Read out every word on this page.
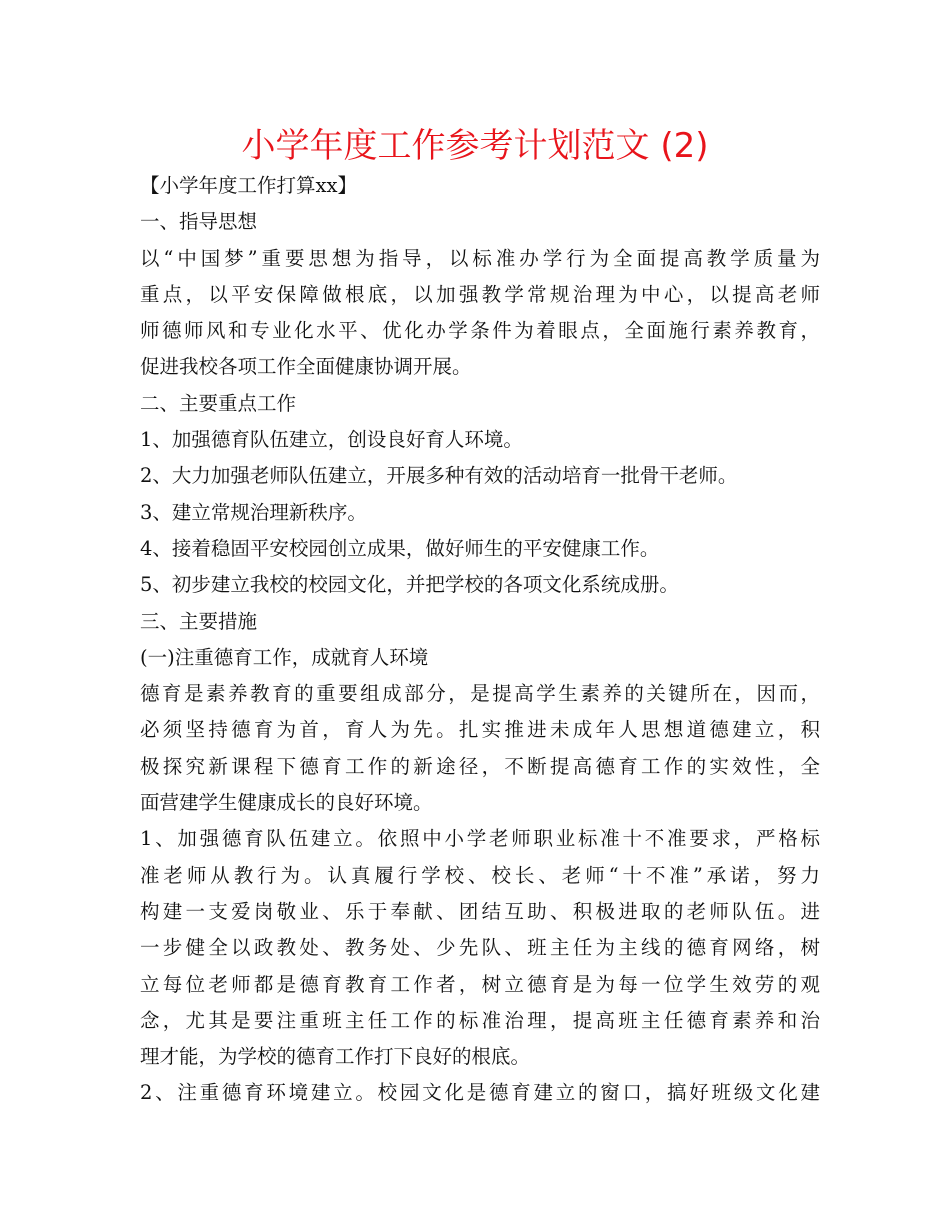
小学年度工作参考计划范文 (2)
【小学年度工作打算xx】
一、指导思想
以“中国梦”重要思想为指导，以标准办学行为全面提高教学质量为
重点，以平安保障做根底，以加强教学常规治理为中心，以提高老师
师德师风和专业化水平、优化办学条件为着眼点，全面施行素养教育，
促进我校各项工作全面健康协调开展。
二、主要重点工作
1、加强德育队伍建立，创设良好育人环境。
2、大力加强老师队伍建立，开展多种有效的活动培育一批骨干老师。
3、建立常规治理新秩序。
4、接着稳固平安校园创立成果，做好师生的平安健康工作。
5、初步建立我校的校园文化，并把学校的各项文化系统成册。
三、主要措施
(一)注重德育工作，成就育人环境
德育是素养教育的重要组成部分，是提高学生素养的关键所在，因而，
必须坚持德育为首，育人为先。扎实推进未成年人思想道德建立，积
极探究新课程下德育工作的新途径，不断提高德育工作的实效性，全
面营建学生健康成长的良好环境。
1、加强德育队伍建立。依照中小学老师职业标准十不准要求，严格标
准老师从教行为。认真履行学校、校长、老师“十不准”承诺，努力
构建一支爱岗敬业、乐于奉献、团结互助、积极进取的老师队伍。进
一步健全以政教处、教务处、少先队、班主任为主线的德育网络，树
立每位老师都是德育教育工作者，树立德育是为每一位学生效劳的观
念，尤其是要注重班主任工作的标准治理，提高班主任德育素养和治
理才能，为学校的德育工作打下良好的根底。
2、注重德育环境建立。校园文化是德育建立的窗口，搞好班级文化建
